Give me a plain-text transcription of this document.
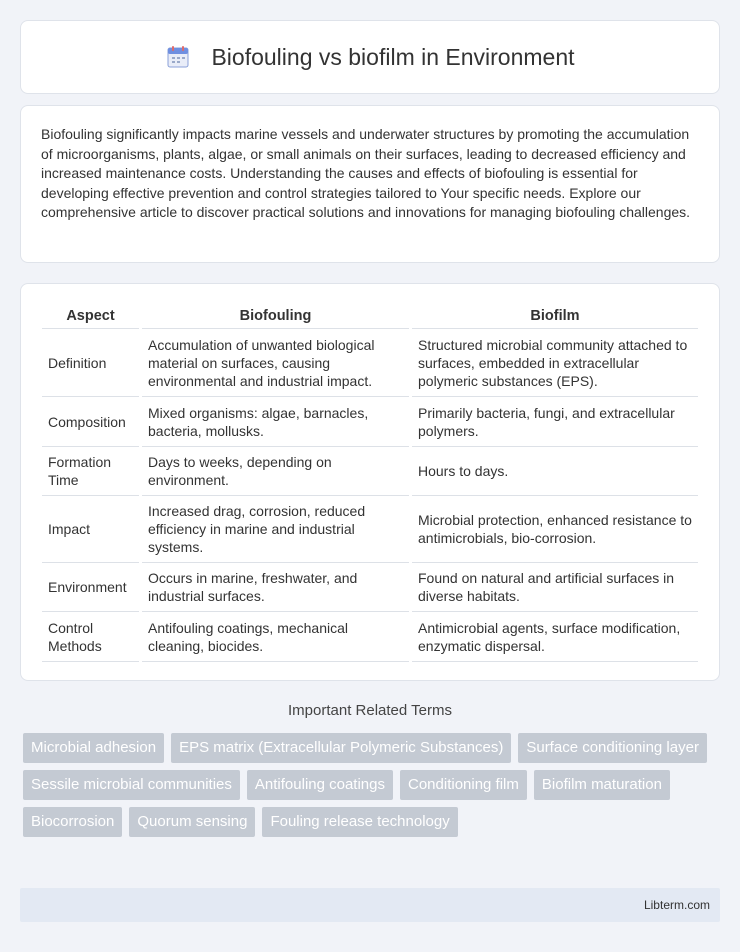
Biofouling vs biofilm in Environment

Biofouling significantly impacts marine vessels and underwater structures by promoting the accumulation of microorganisms, plants, algae, or small animals on their surfaces, leading to decreased efficiency and increased maintenance costs. Understanding the causes and effects of biofouling is essential for developing effective prevention and control strategies tailored to Your specific needs. Explore our comprehensive article to discover practical solutions and innovations for managing biofouling challenges.

Aspect	Biofouling	Biofilm
Definition	Accumulation of unwanted biological material on surfaces, causing environmental and industrial impact.	Structured microbial community attached to surfaces, embedded in extracellular polymeric substances (EPS).
Composition	Mixed organisms: algae, barnacles, bacteria, mollusks.	Primarily bacteria, fungi, and extracellular polymers.
Formation Time	Days to weeks, depending on environment.	Hours to days.
Impact	Increased drag, corrosion, reduced efficiency in marine and industrial systems.	Microbial protection, enhanced resistance to antimicrobials, bio-corrosion.
Environment	Occurs in marine, freshwater, and industrial surfaces.	Found on natural and artificial surfaces in diverse habitats.
Control Methods	Antifouling coatings, mechanical cleaning, biocides.	Antimicrobial agents, surface modification, enzymatic dispersal.
Important Related Terms
Microbial adhesion	EPS matrix (Extracellular Polymeric Substances)	Surface conditioning layer
Sessile microbial communities	Antifouling coatings	Conditioning film	Biofilm maturation
Biocorrosion	Quorum sensing	Fouling release technology
Libterm.com
